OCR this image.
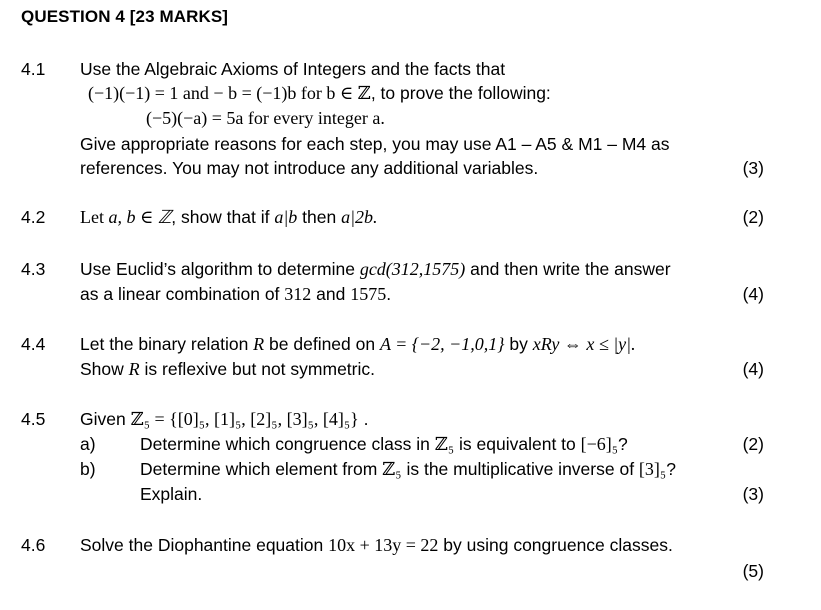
QUESTION 4 [23 MARKS]
4.1 Use the Algebraic Axioms of Integers and the facts that
(−1)(−1) = 1 and − b = (−1)b for b ∈ ℤ, to prove the following:
(−5)(−a) = 5a for every integer a.
Give appropriate reasons for each step, you may use A1 – A5 & M1 – M4 as
references. You may not introduce any additional variables.	(3)
4.2 Let a, b ∈ ℤ, show that if a|b then a|2b.	(2)
4.3 Use Euclid’s algorithm to determine gcd(312,1575) and then write the answer
as a linear combination of 312 and 1575.	(4)
4.4 Let the binary relation R be defined on A = {−2, −1,0,1} by xRy ⇔ x ≤ |y|.
Show R is reflexive but not symmetric.	(4)
4.5 Given ℤ₅ = {[0]₅, [1]₅, [2]₅, [3]₅, [4]₅} .
a)	Determine which congruence class in ℤ₅ is equivalent to [−6]₅?	(2)
b)	Determine which element from ℤ₅ is the multiplicative inverse of [3]₅?
Explain.	(3)
4.6 Solve the Diophantine equation 10x + 13y = 22 by using congruence classes.
(5)
